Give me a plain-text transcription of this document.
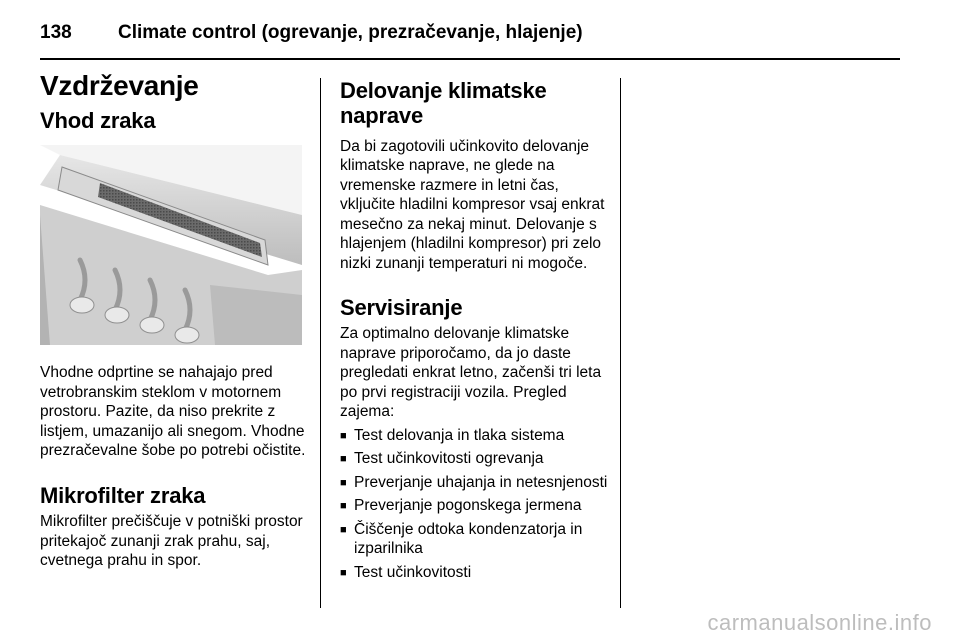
138 Climate control (ogrevanje, prezračevanje, hlajenje)
Vzdrževanje
Vhod zraka

Vhodne odprtine se nahajajo pred vetrobranskim steklom v motornem prostoru. Pazite, da niso prekrite z listjem, umazanijo ali snegom. Vhodne prezračevalne šobe po potrebi očistite.

Mikrofilter zraka

Mikrofilter prečiščuje v potniški prostor pritekajoč zunanji zrak prahu, saj, cvetnega prahu in spor.

Delovanje klimatske naprave

Da bi zagotovili učinkovito delovanje klimatske naprave, ne glede na vremenske razmere in letni čas, vključite hladilni kompresor vsaj enkrat mesečno za nekaj minut. Delovanje s hlajenjem (hladilni kompresor) pri zelo nizki zunanji temperaturi ni mogoče.

Servisiranje

Za optimalno delovanje klimatske naprave priporočamo, da jo daste pregledati enkrat letno, začenši tri leta po prvi registraciji vozila. Pregled zajema:

■ Test delovanja in tlaka sistema
■ Test učinkovitosti ogrevanja
■ Preverjanje uhajanja in netesnjenosti
■ Preverjanje pogonskega jermena
■ Čiščenje odtoka kondenzatorja in izparilnika
■ Test učinkovitosti
carmanualsonline.info
